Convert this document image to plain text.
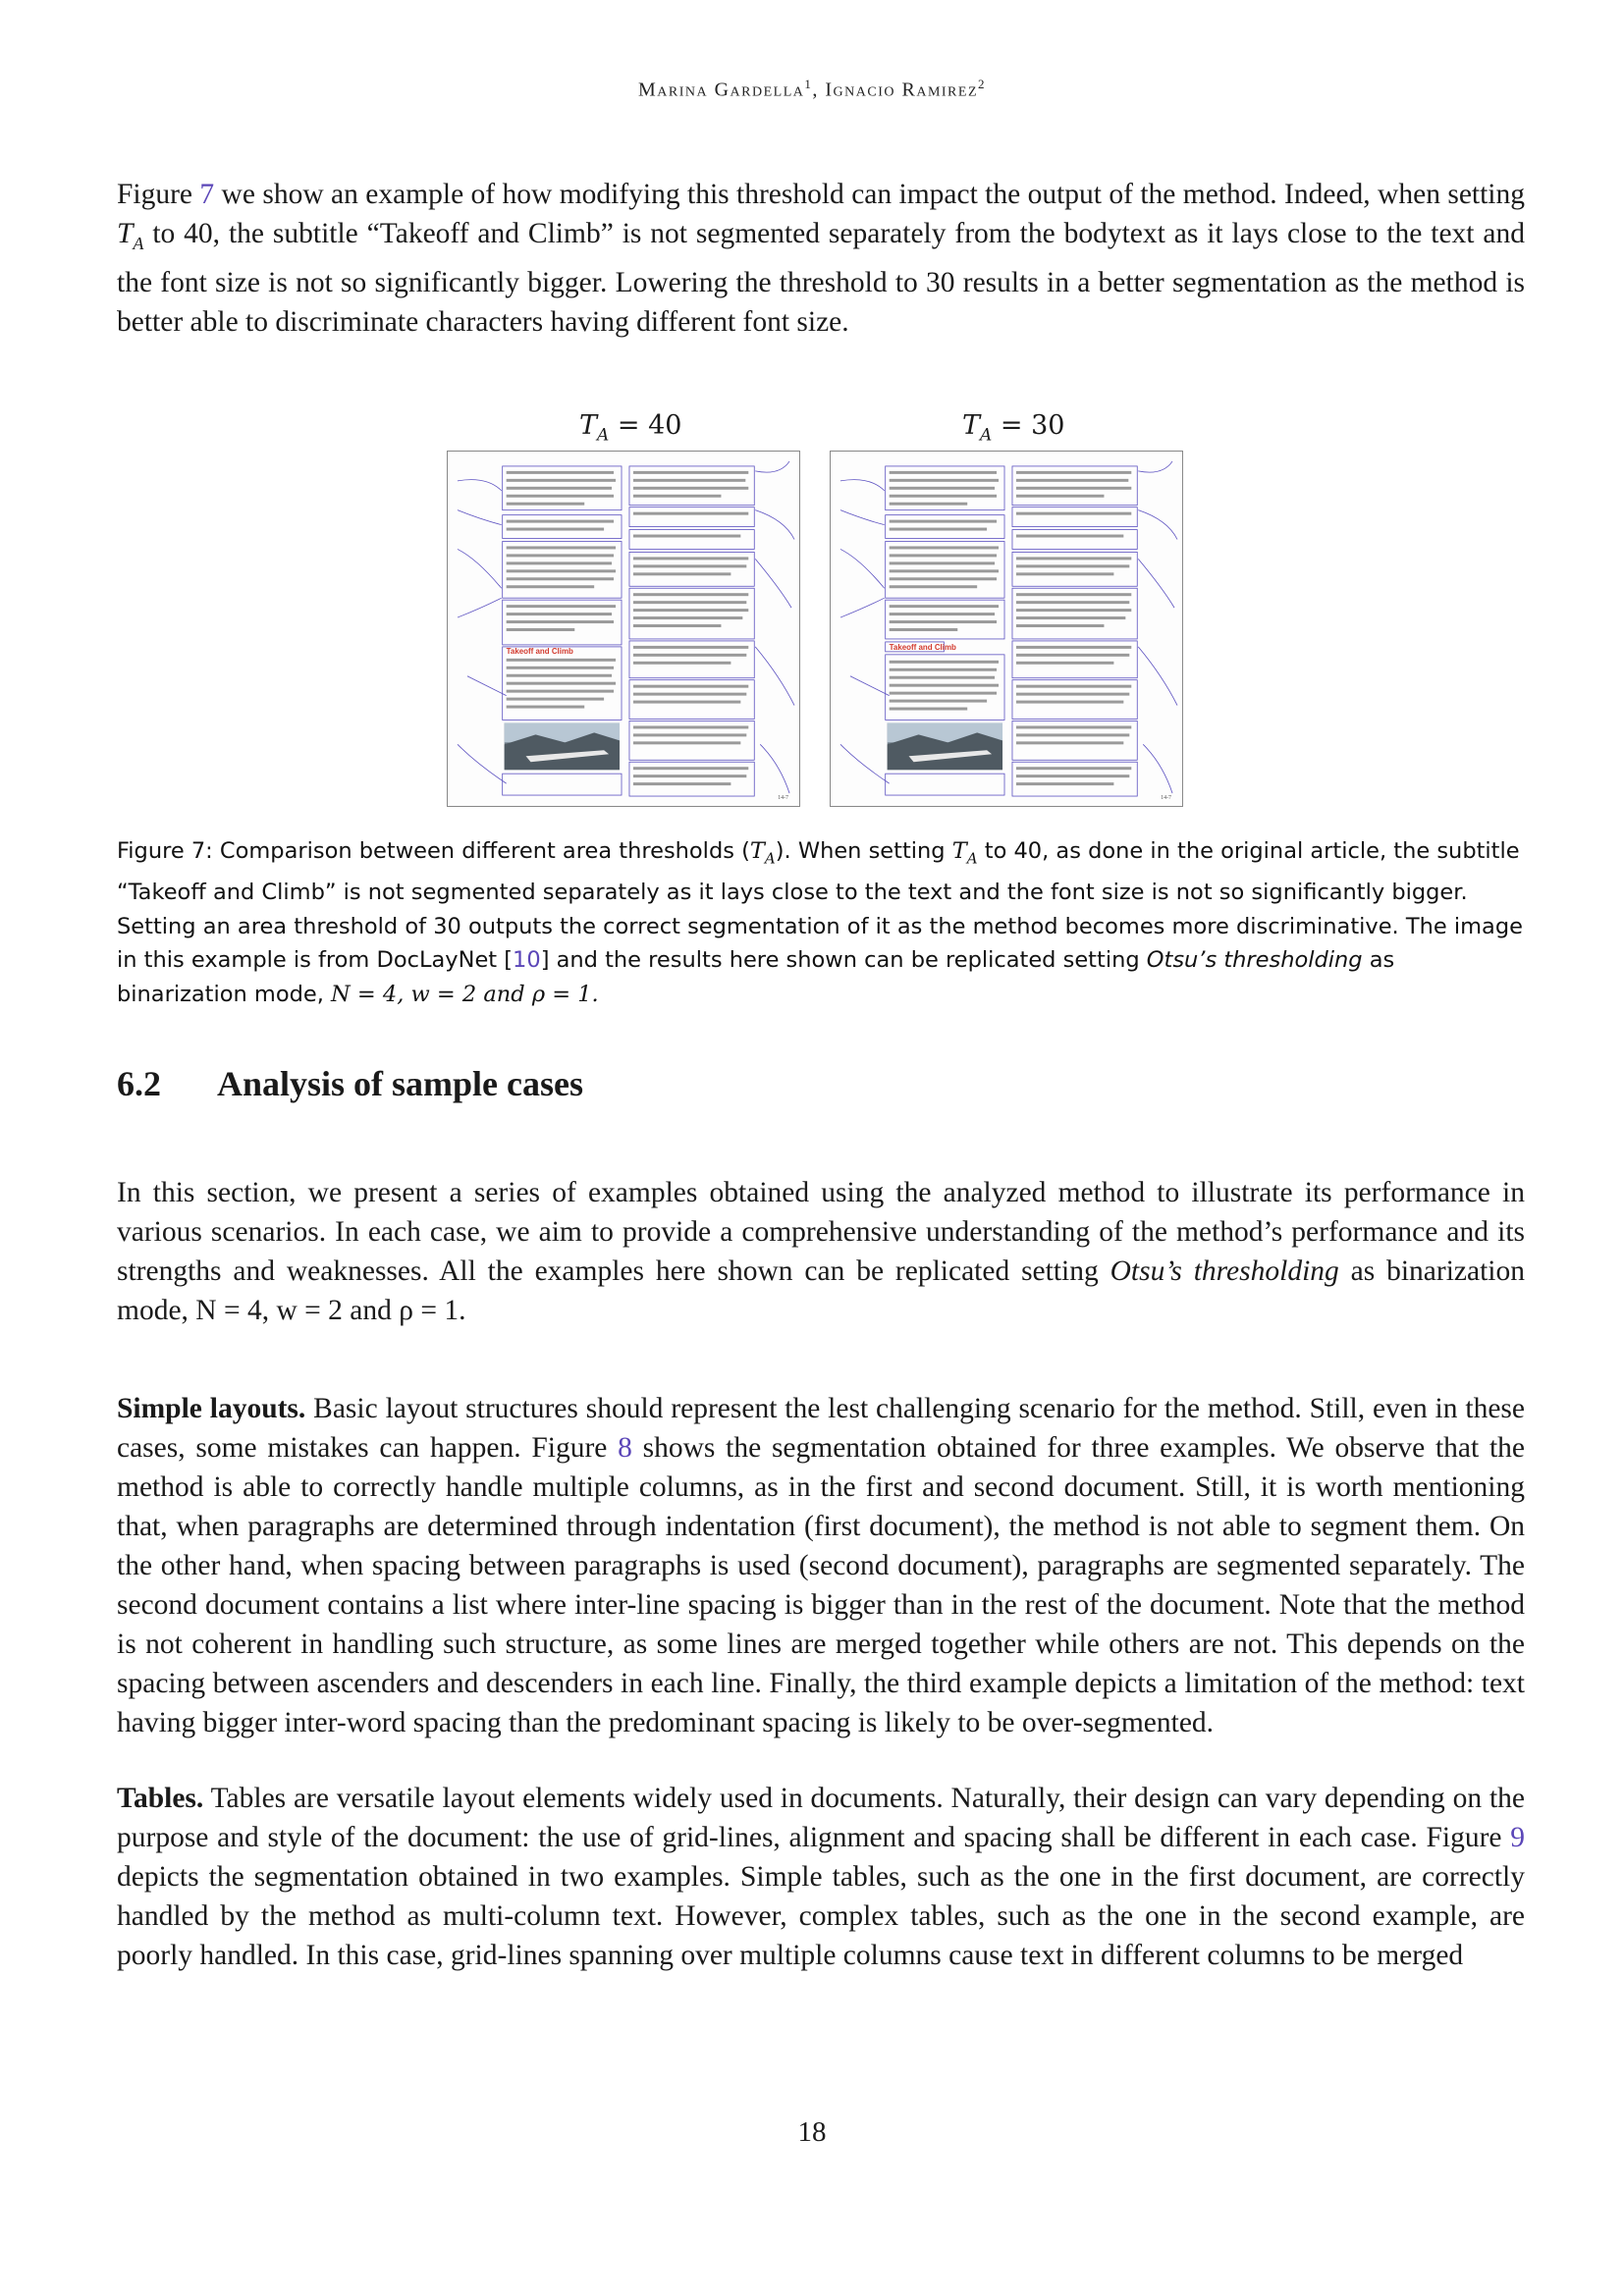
Marina Gardella$^1$, Ignacio Ramirez$^2$

Figure 7 we show an example of how modifying this threshold can impact the output of the method. Indeed, when setting $T_A$ to 40, the subtitle “Takeoff and Climb” is not segmented separately from the bodytext as it lays close to the text and the font size is not so significantly bigger. Lowering the threshold to 30 results in a better segmentation as the method is better able to discriminate characters having different font size.

$T_A = 40$	$T_A = 30$
Takeoff and Climb
14-7
Takeoff and Climb
14-7

Figure 7: Comparison between different area thresholds $(T_A)$. When setting $T_A$ to 40, as done in the original article, the subtitle “Takeoff and Climb” is not segmented separately as it lays close to the text and the font size is not so significantly bigger. Setting an area threshold of 30 outputs the correct segmentation of it as the method becomes more discriminative. The image in this example is from DocLayNet [10] and the results here shown can be replicated setting Otsu’s thresholding as binarization mode, N = 4, w = 2 and ρ = 1.

6.2 Analysis of sample cases

In this section, we present a series of examples obtained using the analyzed method to illustrate its performance in various scenarios. In each case, we aim to provide a comprehensive understanding of the method’s performance and its strengths and weaknesses. All the examples here shown can be replicated setting Otsu’s thresholding as binarization mode, N = 4, w = 2 and ρ = 1.

Simple layouts. Basic layout structures should represent the lest challenging scenario for the method. Still, even in these cases, some mistakes can happen. Figure 8 shows the segmentation obtained for three examples. We observe that the method is able to correctly handle multiple columns, as in the first and second document. Still, it is worth mentioning that, when paragraphs are determined through indentation (first document), the method is not able to segment them. On the other hand, when spacing between paragraphs is used (second document), paragraphs are segmented separately. The second document contains a list where inter-line spacing is bigger than in the rest of the document. Note that the method is not coherent in handling such structure, as some lines are merged together while others are not. This depends on the spacing between ascenders and descenders in each line. Finally, the third example depicts a limitation of the method: text having bigger inter-word spacing than the predominant spacing is likely to be over-segmented.

Tables. Tables are versatile layout elements widely used in documents. Naturally, their design can vary depending on the purpose and style of the document: the use of grid-lines, alignment and spacing shall be different in each case. Figure 9 depicts the segmentation obtained in two examples. Simple tables, such as the one in the first document, are correctly handled by the method as multi-column text. However, complex tables, such as the one in the second example, are poorly handled. In this case, grid-lines spanning over multiple columns cause text in different columns to be merged

18
